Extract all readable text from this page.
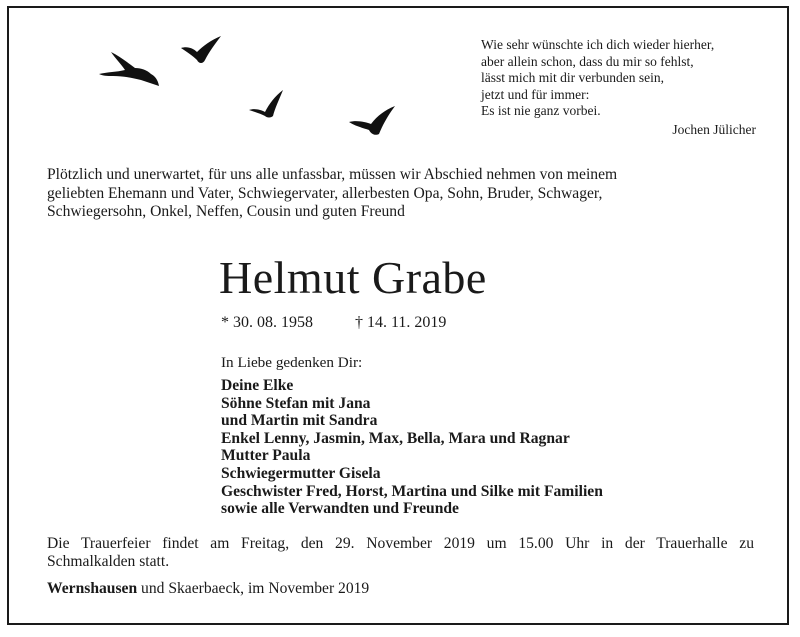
Wie sehr wünschte ich dich wieder hierher,
aber allein schon, dass du mir so fehlst,
lässt mich mit dir verbunden sein,
jetzt und für immer:
Es ist nie ganz vorbei.
Jochen Jülicher
Plötzlich und unerwartet, für uns alle unfassbar, müssen wir Abschied nehmen von meinem
geliebten Ehemann und Vater, Schwiegervater, allerbesten Opa, Sohn, Bruder, Schwager,
Schwiegersohn, Onkel, Neffen, Cousin und guten Freund
Helmut Grabe
* 30. 08. 1958	† 14. 11. 2019
In Liebe gedenken Dir:
Deine Elke
Söhne Stefan mit Jana
und Martin mit Sandra
Enkel Lenny, Jasmin, Max, Bella, Mara und Ragnar
Mutter Paula
Schwiegermutter Gisela
Geschwister Fred, Horst, Martina und Silke mit Familien
sowie alle Verwandten und Freunde
Die Trauerfeier findet am Freitag, den 29. November 2019 um 15.00 Uhr in der Trauerhalle zu
Schmalkalden statt.
Wernshausen und Skaerbaeck, im November 2019
